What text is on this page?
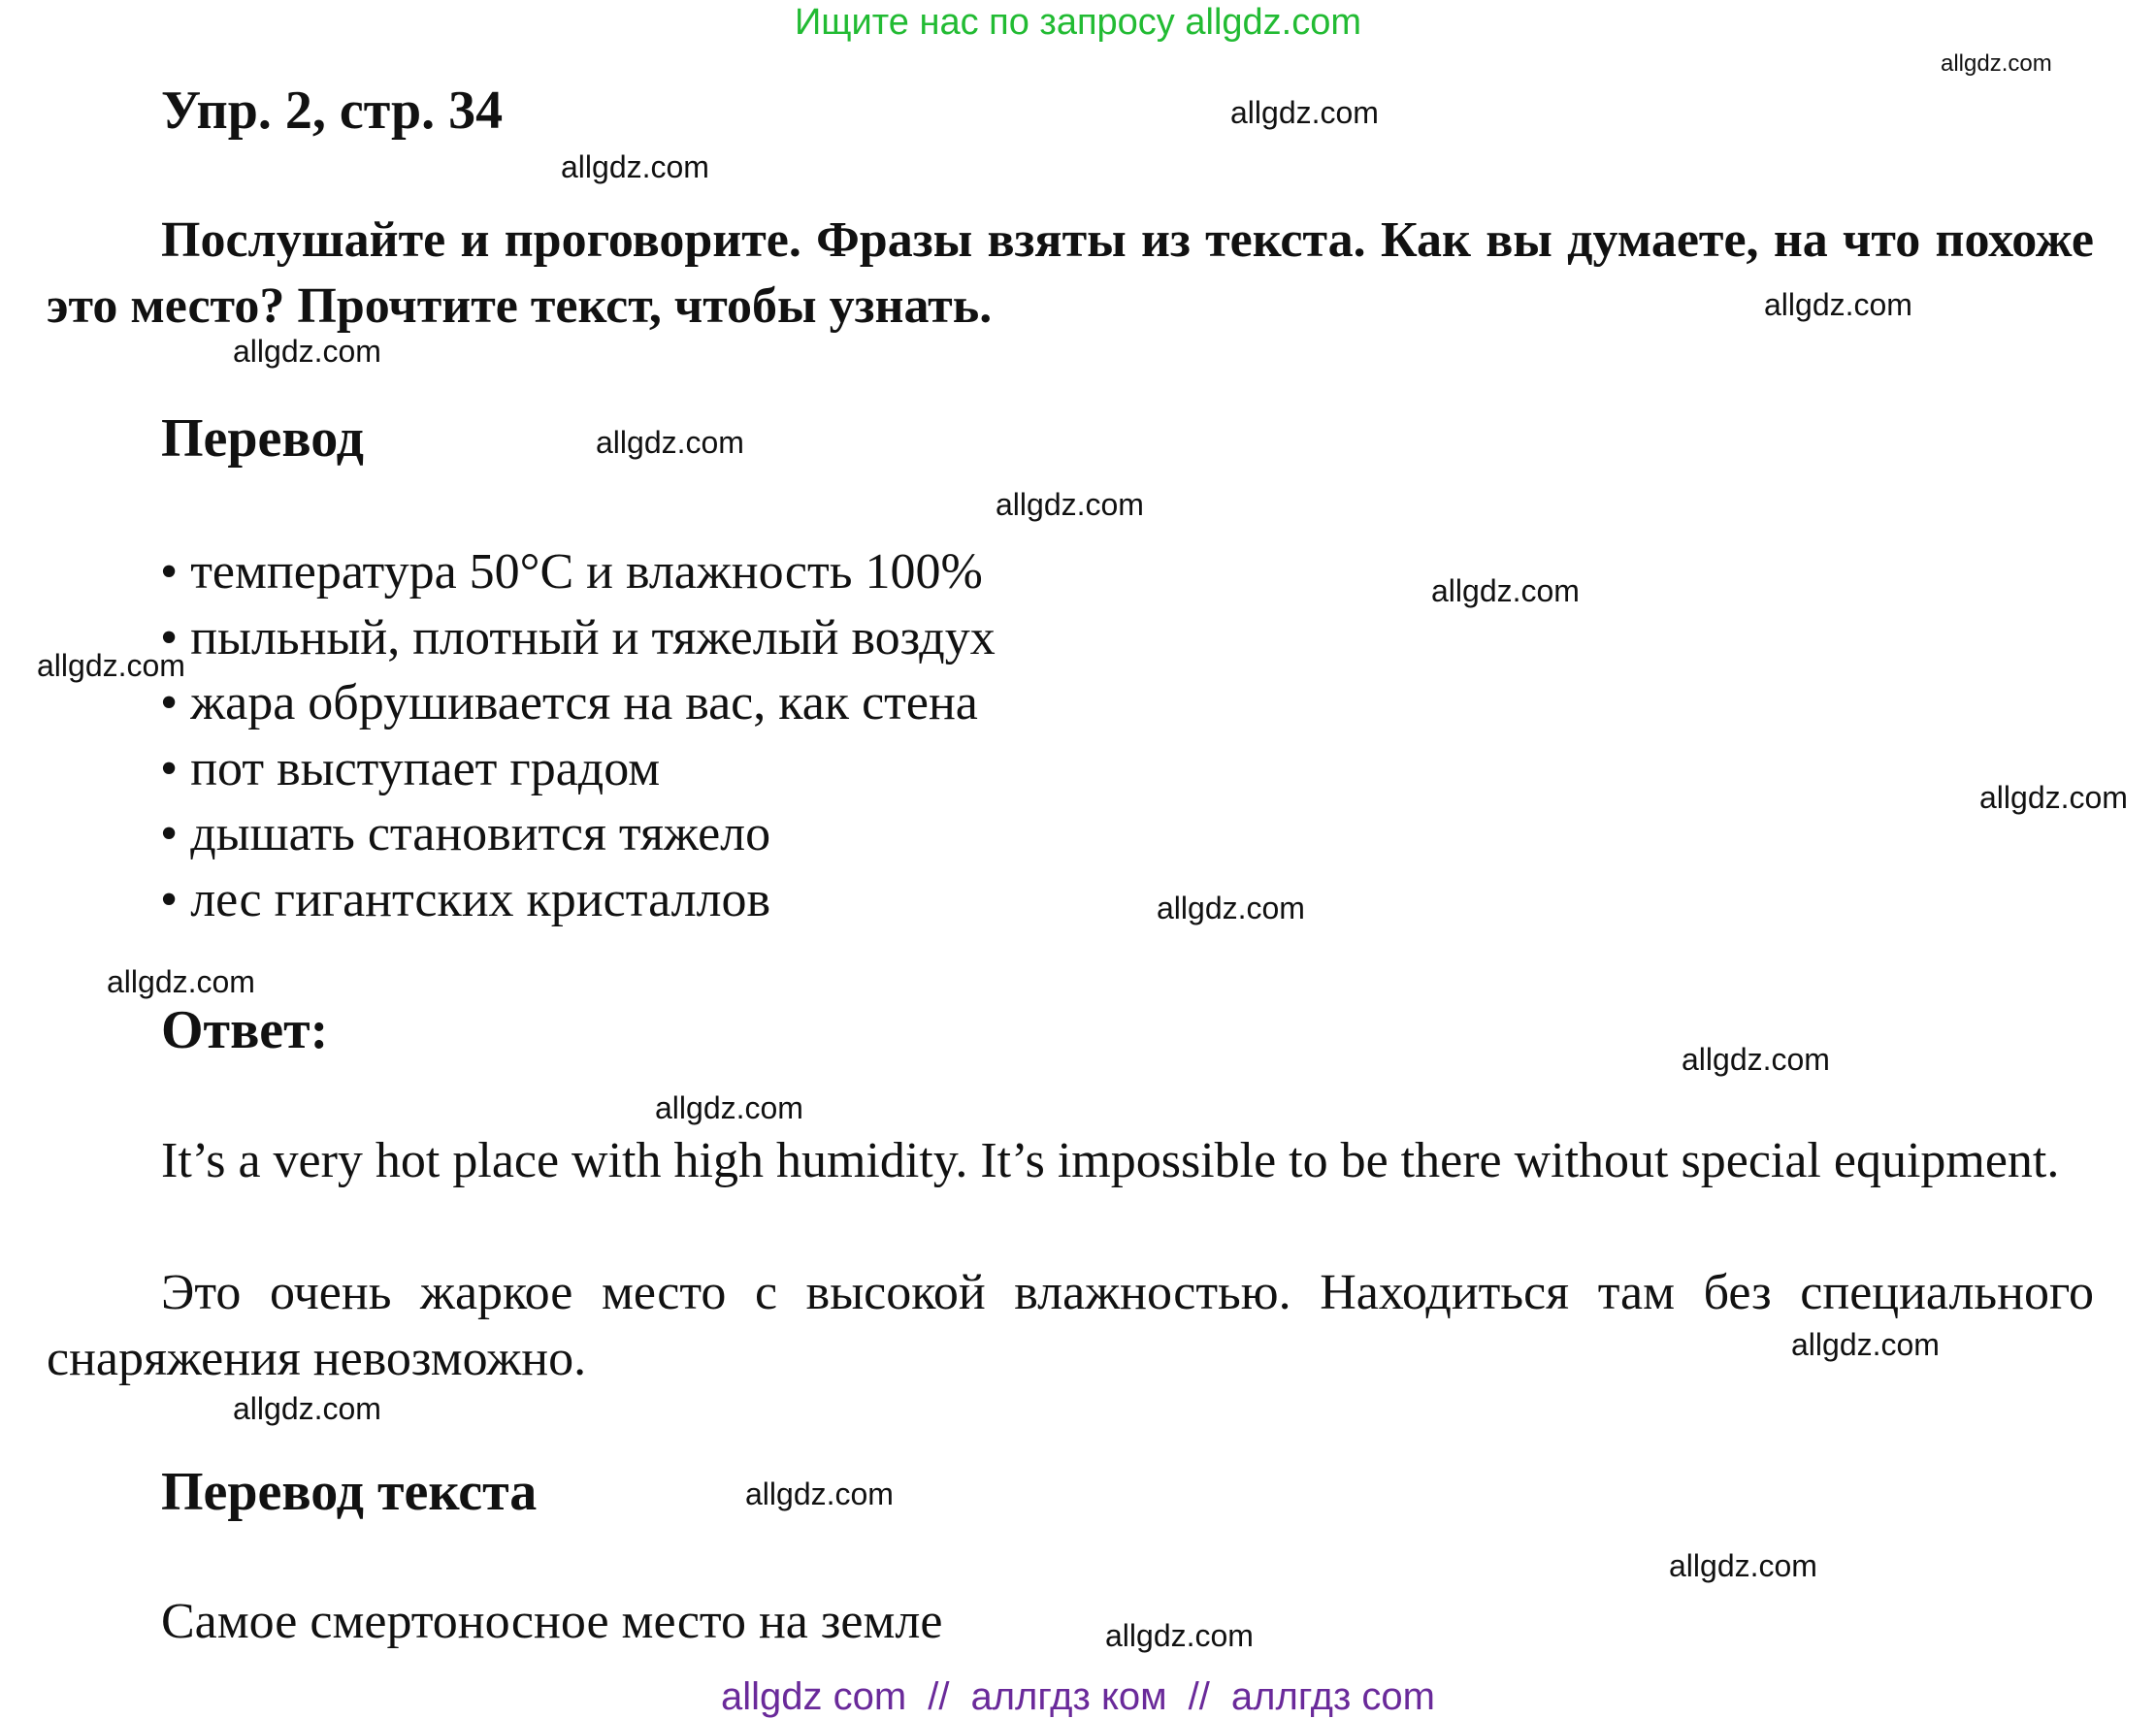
Ищите нас по запросу allgdz.com
Упр. 2, стр. 34
Послушайте и проговорите. Фразы взяты из текста. Как вы думаете, на что похоже это место? Прочтите текст, чтобы узнать.
Перевод
• температура 50°С и влажность 100%
• пыльный, плотный и тяжелый воздух
• жара обрушивается на вас, как стена
• пот выступает градом
• дышать становится тяжело
• лес гигантских кристаллов
Ответ:
It’s a very hot place with high humidity. It’s impossible to be there without special equipment.
Это очень жаркое место с высокой влажностью. Находиться там без специального снаряжения невозможно.
Перевод текста
Самое смертоносное место на земле
allgdz.com
allgdz.com
allgdz.com
allgdz.com
allgdz.com
allgdz.com
allgdz.com
allgdz.com
allgdz.com
allgdz.com
allgdz.com
allgdz.com
allgdz.com
allgdz.com
allgdz.com
allgdz.com
allgdz.com
allgdz.com
allgdz.com
allgdz com // аллгдз ком // аллгдз com
